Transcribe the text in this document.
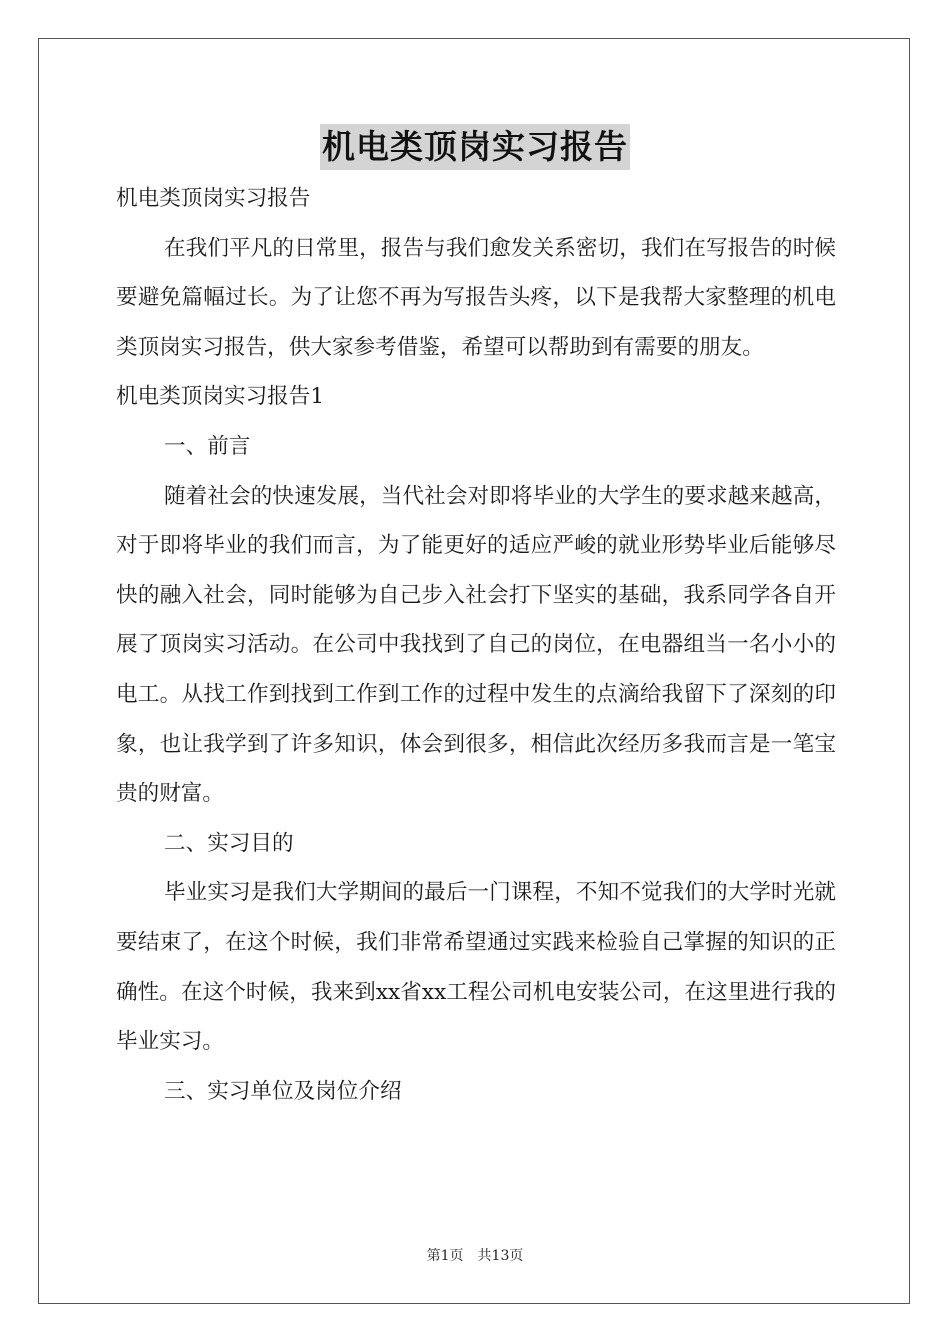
机电类顶岗实习报告

机电类顶岗实习报告

在我们平凡的日常里，报告与我们愈发关系密切，我们在写报告的时候要避免篇幅过长。为了让您不再为写报告头疼，以下是我帮大家整理的机电类顶岗实习报告，供大家参考借鉴，希望可以帮助到有需要的朋友。

机电类顶岗实习报告1

一、前言

随着社会的快速发展，当代社会对即将毕业的大学生的要求越来越高，对于即将毕业的我们而言，为了能更好的适应严峻的就业形势毕业后能够尽快的融入社会，同时能够为自己步入社会打下坚实的基础，我系同学各自开展了顶岗实习活动。在公司中我找到了自己的岗位，在电器组当一名小小的电工。从找工作到找到工作到工作的过程中发生的点滴给我留下了深刻的印象，也让我学到了许多知识，体会到很多，相信此次经历多我而言是一笔宝贵的财富。

二、实习目的

毕业实习是我们大学期间的最后一门课程，不知不觉我们的大学时光就要结束了，在这个时候，我们非常希望通过实践来检验自己掌握的知识的正确性。在这个时候，我来到xx省xx工程公司机电安装公司，在这里进行我的毕业实习。

三、实习单位及岗位介绍

第1页 共13页
